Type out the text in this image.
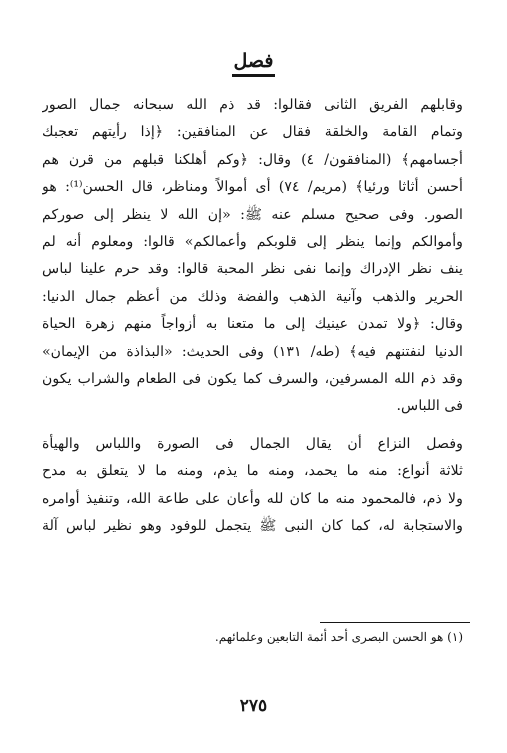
فصل

وقابلهم الفريق الثانى فقالوا: قد ذم الله سبحانه جمال الصور
وتمام القامة والخلقة فقال عن المنافقين: ﴿إذا رأيتهم تعجبك
أجسامهم﴾ (المنافقون/ ٤) وقال: ﴿وكم أهلكنا قبلهم من قرن هم
أحسن أثاثا ورئيا﴾ (مريم/ ٧٤) أى أموالاً ومناظر، قال الحسن⁽¹⁾: هو
الصور. وفى صحيح مسلم عنه ﷺ: «إن الله لا ينظر إلى صوركم
وأموالكم وإنما ينظر إلى قلوبكم وأعمالكم» قالوا: ومعلوم أنه لم
ينف نظر الإدراك وإنما نفى نظر المحبة قالوا: وقد حرم علينا لباس
الحرير والذهب وآنية الذهب والفضة وذلك من أعظم جمال الدنيا:
وقال: ﴿ولا تمدن عينيك إلى ما متعنا به أزواجاً منهم زهرة الحياة
الدنيا لنفتنهم فيه﴾ (طه/ ١٣١) وفى الحديث: «البذاذة من الإيمان»
وقد ذم الله المسرفين، والسرف كما يكون فى الطعام والشراب يكون
فى اللباس.

وفصل النزاع أن يقال الجمال فى الصورة واللباس والهيأة
ثلاثة أنواع: منه ما يحمد، ومنه ما يذم، ومنه ما لا يتعلق به مدح
ولا ذم، فالمحمود منه ما كان لله وأعان على طاعة الله، وتنفيذ أوامره
والاستجابة له، كما كان النبى ﷺ يتجمل للوفود وهو نظير لباس آلة

(١) هو الحسن البصرى أحد أئمة التابعين وعلمائهم.
٢٧٥
